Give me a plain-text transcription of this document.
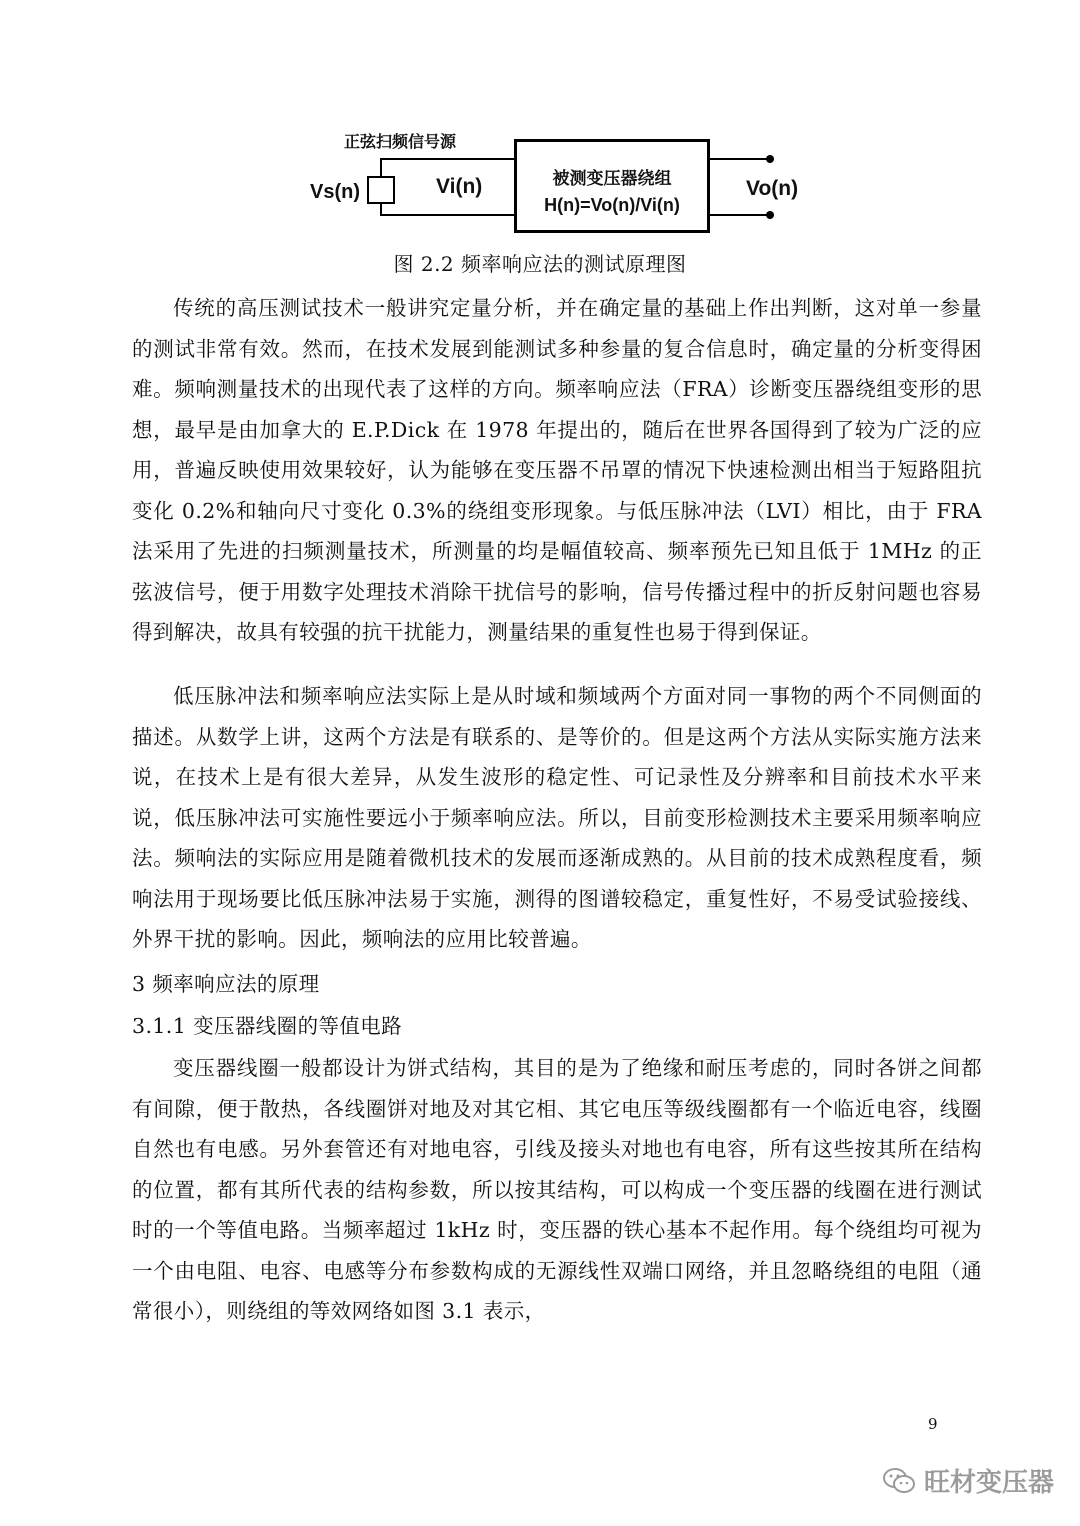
正弦扫频信号源
Vs(n)	Vi(n)	被测变压器绕组
H(n)=Vo(n)/Vi(n)
Vo(n)
图 2.2 频率响应法的测试原理图

传统的高压测试技术一般讲究定量分析，并在确定量的基础上作出判断，这对单一参量的测试非常有效。然而，在技术发展到能测试多种参量的复合信息时，确定量的分析变得困难。频响测量技术的出现代表了这样的方向。频率响应法（FRA）诊断变压器绕组变形的思想，最早是由加拿大的 E.P.Dick 在 1978 年提出的，随后在世界各国得到了较为广泛的应用，普遍反映使用效果较好，认为能够在变压器不吊罩的情况下快速检测出相当于短路阻抗变化 0.2%和轴向尺寸变化 0.3%的绕组变形现象。与低压脉冲法（LVI）相比，由于 FRA 法采用了先进的扫频测量技术，所测量的均是幅值较高、频率预先已知且低于 1MHz 的正弦波信号，便于用数字处理技术消除干扰信号的影响，信号传播过程中的折反射问题也容易得到解决，故具有较强的抗干扰能力，测量结果的重复性也易于得到保证。

低压脉冲法和频率响应法实际上是从时域和频域两个方面对同一事物的两个不同侧面的描述。从数学上讲，这两个方法是有联系的、是等价的。但是这两个方法从实际实施方法来说，在技术上是有很大差异，从发生波形的稳定性、可记录性及分辨率和目前技术水平来说，低压脉冲法可实施性要远小于频率响应法。所以，目前变形检测技术主要采用频率响应法。频响法的实际应用是随着微机技术的发展而逐渐成熟的。从目前的技术成熟程度看，频响法用于现场要比低压脉冲法易于实施，测得的图谱较稳定，重复性好，不易受试验接线、外界干扰的影响。因此，频响法的应用比较普遍。

3 频率响应法的原理
3.1.1 变压器线圈的等值电路

变压器线圈一般都设计为饼式结构，其目的是为了绝缘和耐压考虑的，同时各饼之间都有间隙，便于散热，各线圈饼对地及对其它相、其它电压等级线圈都有一个临近电容，线圈自然也有电感。另外套管还有对地电容，引线及接头对地也有电容，所有这些按其所在结构的位置，都有其所代表的结构参数，所以按其结构，可以构成一个变压器的线圈在进行测试时的一个等值电路。当频率超过 1kHz 时，变压器的铁心基本不起作用。每个绕组均可视为一个由电阻、电容、电感等分布参数构成的无源线性双端口网络，并且忽略绕组的电阻（通常很小），则绕组的等效网络如图 3.1 表示，

9
旺材变压器
